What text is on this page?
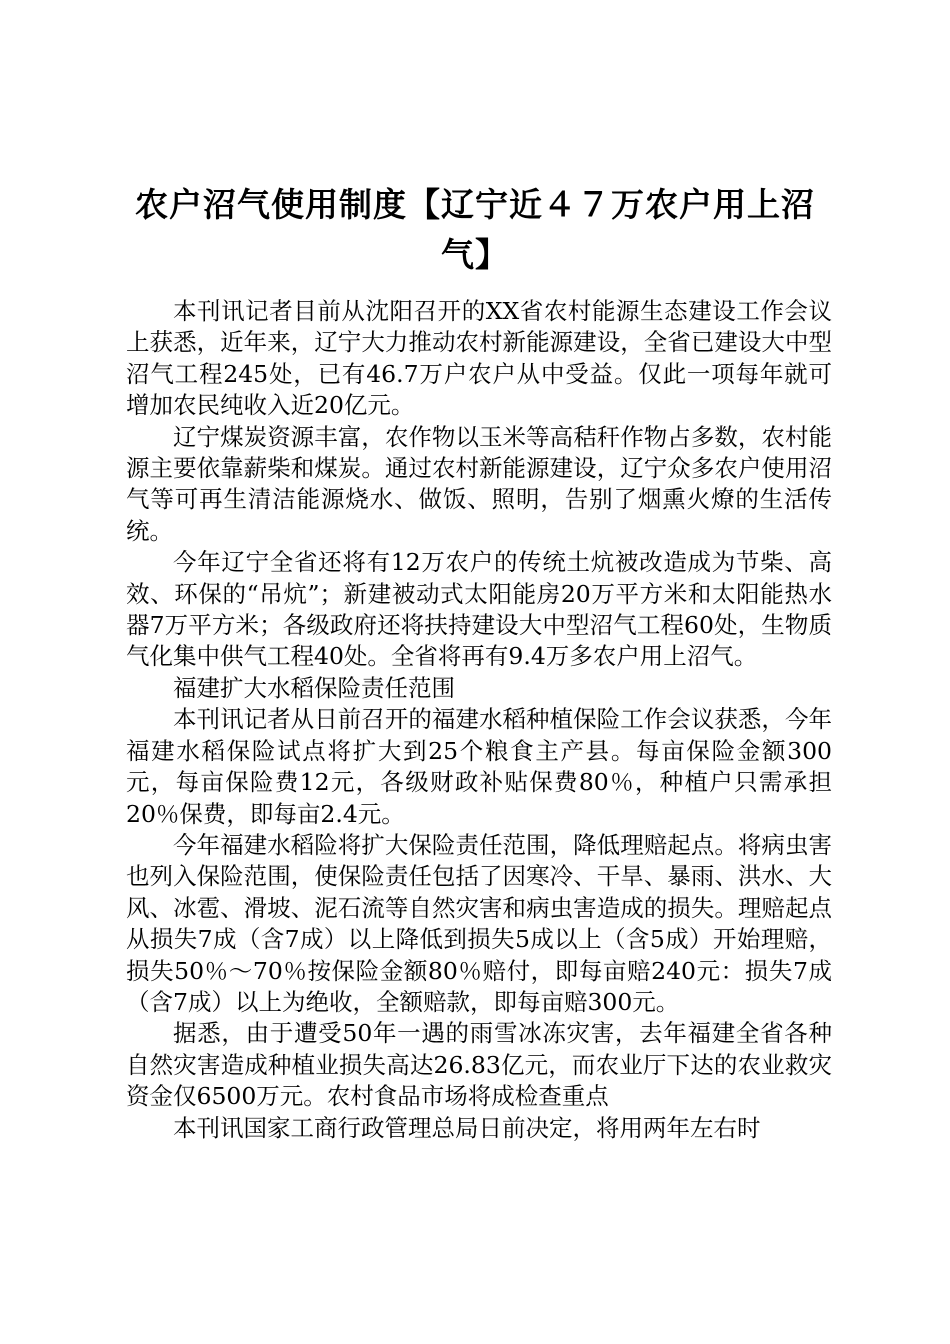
农户沼气使用制度【辽宁近４７万农户用上沼气】

本刊讯记者目前从沈阳召开的XX省农村能源生态建设工作会议上获悉，近年来，辽宁大力推动农村新能源建设，全省已建设大中型沼气工程245处，已有46.7万户农户从中受益。仅此一项每年就可增加农民纯收入近20亿元。

辽宁煤炭资源丰富，农作物以玉米等高秸秆作物占多数，农村能源主要依靠薪柴和煤炭。通过农村新能源建设，辽宁众多农户使用沼气等可再生清洁能源烧水、做饭、照明，告别了烟熏火燎的生活传统。

今年辽宁全省还将有12万农户的传统土炕被改造成为节柴、高效、环保的“吊炕”；新建被动式太阳能房20万平方米和太阳能热水器7万平方米；各级政府还将扶持建设大中型沼气工程60处，生物质气化集中供气工程40处。全省将再有9.4万多农户用上沼气。

福建扩大水稻保险责任范围

本刊讯记者从日前召开的福建水稻种植保险工作会议获悉，今年福建水稻保险试点将扩大到25个粮食主产县。每亩保险金额300元，每亩保险费12元，各级财政补贴保费80％，种植户只需承担20％保费，即每亩2.4元。

今年福建水稻险将扩大保险责任范围，降低理赔起点。将病虫害也列入保险范围，使保险责任包括了因寒冷、干旱、暴雨、洪水、大风、冰雹、滑坡、泥石流等自然灾害和病虫害造成的损失。理赔起点从损失7成（含7成）以上降低到损失5成以上（含5成）开始理赔，损失50％～70％按保险金额80％赔付，即每亩赔240元：损失7成（含7成）以上为绝收，全额赔款，即每亩赔300元。

据悉，由于遭受50年一遇的雨雪冰冻灾害，去年福建全省各种自然灾害造成种植业损失高达26.83亿元，而农业厅下达的农业救灾资金仅6500万元。农村食品市场将成检查重点

本刊讯国家工商行政管理总局日前决定，将用两年左右时
